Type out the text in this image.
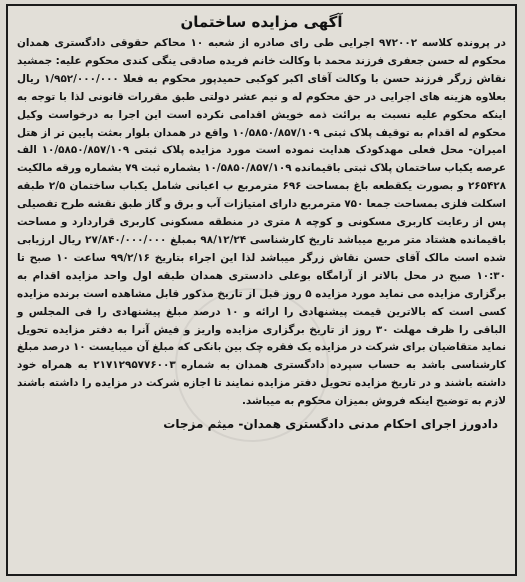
آگهی مزایده ساختمان

در پرونده کلاسه ۹۷۲۰۰۲ اجرایی طی رای صادره از شعبه ۱۰ محاکم حقوقی دادگستری همدان محکوم له حسن جعفری فرزند محمد با وکالت خانم فریده صادقی ینگی کندی محکوم علیه: جمشید نقاش زرگر فرزند حسن با وکالت آقای اکبر کوکبی حمیدپور محکوم به فعلا ۱/۹۵۲/۰۰۰/۰۰۰ ریال بعلاوه هزینه های اجرایی در حق محکوم له و نیم عشر دولتی طبق مقررات قانونی لذا با توجه به اینکه محکوم علیه نسبت به برائت ذمه خویش اقدامی نکرده است این اجرا به درخواست وکیل محکوم له اقدام به توقیف پلاک ثبتی ۱۰/۵۸۵۰/۸۵۷/۱۰۹ واقع در همدان بلوار بعثت پایین تر از هتل امیران- محل فعلی مهدکودک هدایت نموده است مورد مزایده پلاک ثبتی ۱۰/۵۸۵۰/۸۵۷/۱۰۹ الف عرصه یکباب ساختمان پلاک ثبتی باقیمانده ۱۰/۵۸۵۰/۸۵۷/۱۰۹ بشماره ثبت ۷۹ بشماره ورقه مالکیت ۲۶۵۴۲۸ و بصورت یکقطعه باغ بمساحت ۶۹۶ مترمربع ب اعیانی شامل یکباب ساختمان ۲/۵ طبقه اسکلت فلزی بمساحت جمعا ۷۵۰ مترمربع دارای امتیازات آب و برق و گاز طبق نقشه طرح تفصیلی پس از رعایت کاربری مسکونی و کوچه ۸ متری در منطقه مسکونی کاربری قراردارد و مساحت باقیمانده هشتاد متر مربع میباشد تاریخ کارشناسی ۹۸/۱۲/۲۴ بمبلغ ۲۷/۸۴۰/۰۰۰/۰۰۰ ریال ارزیابی شده است مالک آقای حسن نقاش زرگر میباشد لذا این اجراء بتاریخ ۹۹/۲/۱۶ ساعت ۱۰ صبح تا ۱۰:۳۰ صبح در محل بالاتر از آرامگاه بوعلی دادستری همدان طبقه اول واحد مزایده اقدام به برگزاری مزایده می نماید مورد مزایده ۵ روز قبل از تاریخ مذکور قابل مشاهده است برنده مزایده کسی است که بالاترین قیمت پیشنهادی را ارائه و ۱۰ درصد مبلغ پیشنهادی را فی المجلس و الباقی را ظرف مهلت ۳۰ روز از تاریخ برگزاری مزایده واریز و فیش آنرا به دفتر مزایده تحویل نماید متقاضیان برای شرکت در مزایده یک فقره چک بین بانکی که مبلغ آن میبایست ۱۰ درصد مبلغ کارشناسی باشد به حساب سپرده دادگستری همدان به شماره ۲۱۷۱۲۹۵۷۷۶۰۰۳ به همراه خود داشته باشند و در تاریخ مزایده تحویل دفتر مزایده نمایند تا اجازه شرکت در مزایده را داشته باشند لازم به توضیح اینکه فروش بمیزان محکوم به میباشد.

دادورز اجرای احکام مدنی دادگستری همدان- میثم مزجات
